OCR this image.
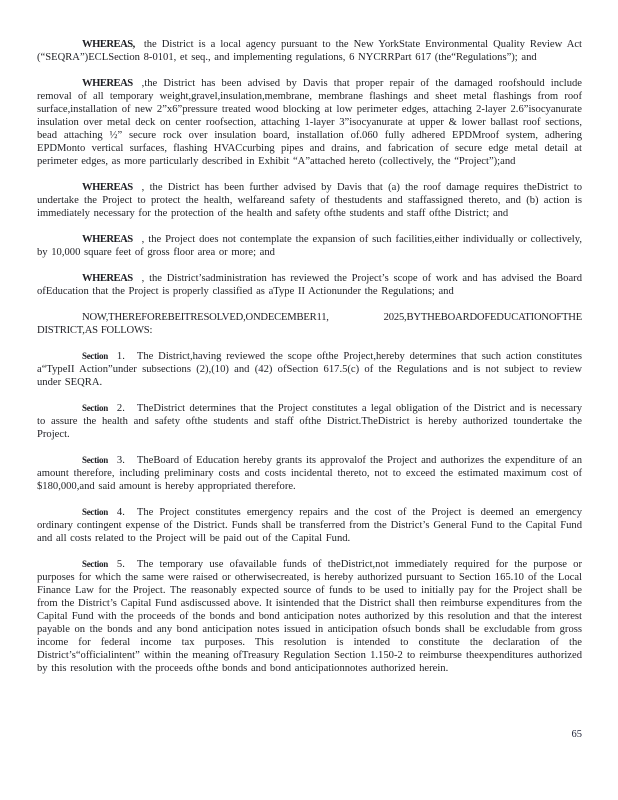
WHEREAS, the District is a local agency pursuant to the New YorkState Environmental Quality Review Act (“SEQRA”)ECLSection 8-0101, et seq., and implementing regulations, 6 NYCRRPart 617 (the“Regulations”); and

WHEREAS ,the District has been advised by Davis that proper repair of the damaged roofshould include removal of all temporary weight,gravel,insulation,membrane, membrane flashings and sheet metal flashings from roof surface,installation of new 2”x6”pressure treated wood blocking at low perimeter edges, attaching 2-layer 2.6”isocyanurate insulation over metal deck on center roofsection, attaching 1-layer 3”isocyanurate at upper & lower ballast roof sections, bead attaching ½” secure rock over insulation board, installation of.060 fully adhered EPDMroof system, adhering EPDMonto vertical surfaces, flashing HVACcurbing pipes and drains, and fabrication of secure edge metal detail at perimeter edges, as more particularly described in Exhibit “A”attached hereto (collectively, the “Project”);and

WHEREAS , the District has been further advised by Davis that (a) the roof damage requires theDistrict to undertake the Project to protect the health, welfareand safety of thestudents and staffassigned thereto, and (b) action is immediately necessary for the protection of the health and safety ofthe students and staff ofthe District; and

WHEREAS , the Project does not contemplate the expansion of such facilities,either individually or collectively, by 10,000 square feet of gross floor area or more; and

WHEREAS , the District’sadministration has reviewed the Project’s scope of work and has advised the Board ofEducation that the Project is properly classified as aType II Actionunder the Regulations; and

NOW,THEREFOREBEITRESOLVED,ONDECEMBER11, 2025,BYTHEBOARDOFEDUCATIONOFTHE DISTRICT,AS FOLLOWS:

Section 1. The District,having reviewed the scope ofthe Project,hereby determines that such action constitutes a“TypeII Action”under subsections (2),(10) and (42) ofSection 617.5(c) of the Regulations and is not subject to review under SEQRA.

Section 2. TheDistrict determines that the Project constitutes a legal obligation of the District and is necessary to assure the health and safety ofthe students and staff ofthe District.TheDistrict is hereby authorized toundertake the Project.

Section 3. TheBoard of Education hereby grants its approvalof the Project and authorizes the expenditure of an amount therefore, including preliminary costs and costs incidental thereto, not to exceed the estimated maximum cost of $180,000,and said amount is hereby appropriated therefore.

Section 4. The Project constitutes emergency repairs and the cost of the Project is deemed an emergency ordinary contingent expense of the District. Funds shall be transferred from the District’s General Fund to the Capital Fund and all costs related to the Project will be paid out of the Capital Fund.

Section 5. The temporary use ofavailable funds of theDistrict,not immediately required for the purpose or purposes for which the same were raised or otherwisecreated, is hereby authorized pursuant to Section 165.10 of the Local Finance Law for the Project. The reasonably expected source of funds to be used to initially pay for the Project shall be from the District’s Capital Fund asdiscussed above. It isintended that the District shall then reimburse expenditures from the Capital Fund with the proceeds of the bonds and bond anticipation notes authorized by this resolution and that the interest payable on the bonds and any bond anticipation notes issued in anticipation ofsuch bonds shall be excludable from gross income for federal income tax purposes. This resolution is intended to constitute the declaration of the District’s“officialintent” within the meaning ofTreasury Regulation Section 1.150-2 to reimburse theexpenditures authorized by this resolution with the proceeds ofthe bonds and bond anticipationnotes authorized herein.

65
